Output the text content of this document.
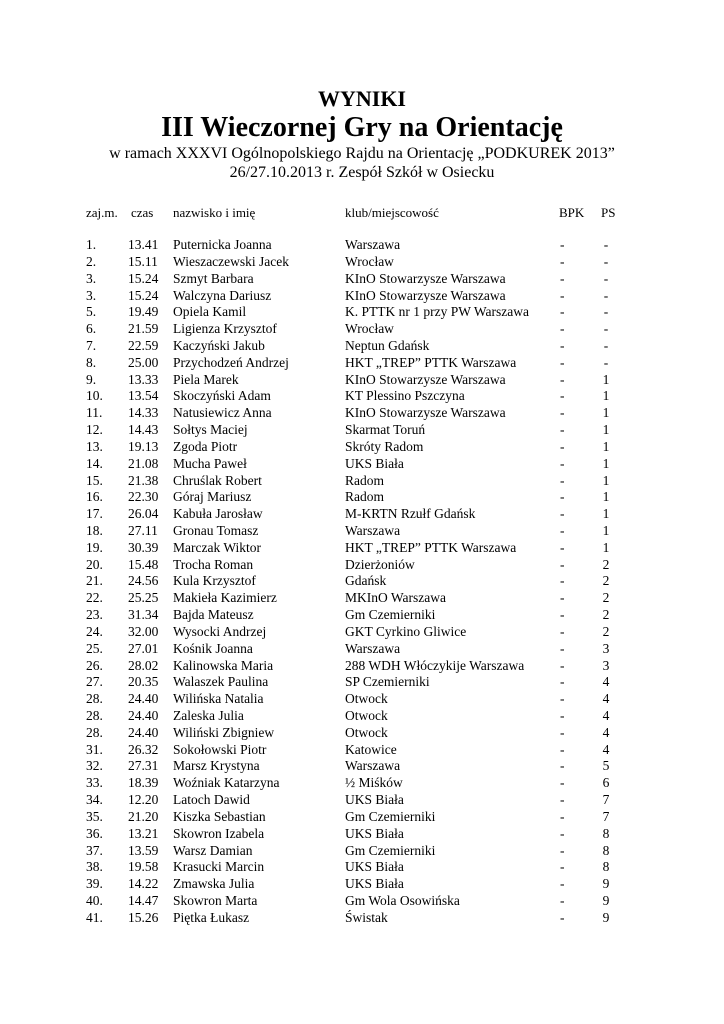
WYNIKI
III Wieczornej Gry na Orientację
w ramach XXXVI Ogólnopolskiego Rajdu na Orientację „PODKUREK 2013”
26/27.10.2013 r. Zespół Szkół w Osiecku
zaj.m. czas nazwisko i imię	klub/miejscowość	BPK PS
1. 13.41 Puternicka Joanna	Warszawa	-	-
2. 15.11 Wieszaczewski Jacek	Wrocław	-	-
3. 15.24 Szmyt Barbara	KInO Stowarzysze Warszawa	-	-
3. 15.24 Walczyna Dariusz	KInO Stowarzysze Warszawa	-	-
5. 19.49 Opiela Kamil	K. PTTK nr 1 przy PW Warszawa -	-
6. 21.59 Ligienza Krzysztof	Wrocław	-	-
7. 22.59 Kaczyński Jakub	Neptun Gdańsk	-	-
8. 25.00 Przychodzeń Andrzej	HKT „TREP” PTTK Warszawa	-	-
9. 13.33 Piela Marek	KInO Stowarzysze Warszawa	-	1
10. 13.54 Skoczyński Adam	KT Plessino Pszczyna	-	1
11. 14.33 Natusiewicz Anna	KInO Stowarzysze Warszawa	-	1
12. 14.43 Sołtys Maciej	Skarmat Toruń	-	1
13. 19.13 Zgoda Piotr	Skróty Radom	-	1
14. 21.08 Mucha Paweł	UKS Biała	-	1
15. 21.38 Chruślak Robert	Radom	-	1
16. 22.30 Góraj Mariusz	Radom	-	1
17. 26.04 Kabuła Jarosław	M-KRTN Rzułf Gdańsk	-	1
18. 27.11 Gronau Tomasz	Warszawa	-	1
19. 30.39 Marczak Wiktor	HKT „TREP” PTTK Warszawa	-	1
20. 15.48 Trocha Roman	Dzierżoniów	-	2
21. 24.56 Kula Krzysztof	Gdańsk	-	2
22. 25.25 Makieła Kazimierz	MKInO Warszawa	-	2
23. 31.34 Bajda Mateusz	Gm Czemierniki	-	2
24. 32.00 Wysocki Andrzej	GKT Cyrkino Gliwice	-	2
25. 27.01 Kośnik Joanna	Warszawa	-	3
26. 28.02 Kalinowska Maria	288 WDH Włóczykije Warszawa	-	3
27. 20.35 Walaszek Paulina	SP Czemierniki	-	4
28. 24.40 Wilińska Natalia	Otwock	-	4
28. 24.40 Zaleska Julia	Otwock	-	4
28. 24.40 Wiliński Zbigniew	Otwock	-	4
31. 26.32 Sokołowski Piotr	Katowice	-	4
32. 27.31 Marsz Krystyna	Warszawa	-	5
33. 18.39 Woźniak Katarzyna	½ Miśków	-	6
34. 12.20 Latoch Dawid	UKS Biała	-	7
35. 21.20 Kiszka Sebastian	Gm Czemierniki	-	7
36. 13.21 Skowron Izabela	UKS Biała	-	8
37. 13.59 Warsz Damian	Gm Czemierniki	-	8
38. 19.58 Krasucki Marcin	UKS Biała	-	8
39. 14.22 Zmawska Julia	UKS Biała	-	9
40. 14.47 Skowron Marta	Gm Wola Osowińska	-	9
41. 15.26 Piętka Łukasz	Świstak	-	9
